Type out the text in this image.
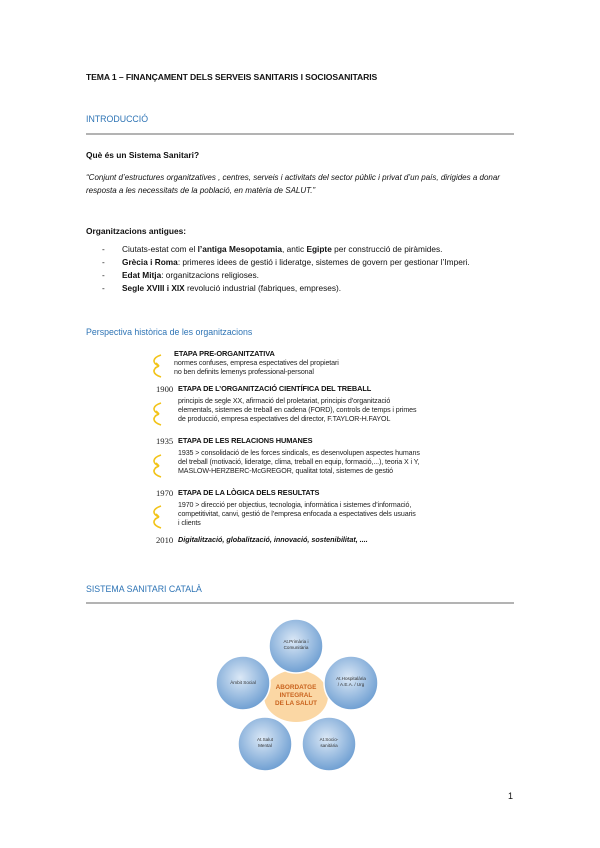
TEMA 1 – FINANÇAMENT DELS SERVEIS SANITARIS I SOCIOSANITARIS
INTRODUCCIÓ
Què és un Sistema Sanitari?
“Conjunt d’estructures organitzatives , centres, serveis i activitats del sector públic i privat d’un país, dirigides a donar resposta a les necessitats de la població, en matèria de SALUT.”
Organitzacions antigues:
- Ciutats-estat com el l’antiga Mesopotamia, antic Egipte per construcció de piràmides.
- Grècia i Roma: primeres idees de gestió i lideratge, sistemes de govern per gestionar l’Imperi.
- Edat Mitja: organitzacions religioses.
- Segle XVIII i XIX revolució industrial (fabriques, empreses).
Perspectiva històrica de les organitzacions
ETAPA PRE-ORGANITZATIVA
normes confuses, empresa espectatives del propietari
no ben definits lemenys professional-personal
1900 ETAPA DE L’ORGANITZACIÓ CIENTÍFICA DEL TREBALL
principis de segle XX, afirmació del proletariat, principis d’organització
elementals, sistemes de treball en cadena (FORD), controls de temps i primes
de producció, empresa espectatives del director, F.TAYLOR-H.FAYOL
1935 ETAPA DE LES RELACIONS HUMANES
1935 > consolidació de les forces sindicals, es desenvolupen aspectes humans
del treball (motivació, lideratge, clima, treball en equip, formació,...), teoria X i Y,
MASLOW-HERZBERC-McGREGOR, qualitat total, sistemes de gestió
1970 ETAPA DE LA LÒGICA DELS RESULTATS
1970 > direcció per objectius, tecnologia, informàtica i sistemes d’informació,
competitivitat, canvi, gestió de l’empresa enfocada a espectatives dels usuaris
i clients
2010 Digitalització, globalització, innovació, sostenibilitat, ....
SISTEMA SANITARI CATALÀ
ABORDATGE
INTEGRAL
DE LA SALUT
At.Primària i
Comunitària
At.Hospitalària
/ A.E.A. / Urg
At.Socio-
sanitària
At.Salut
Mental
Àmbit Social
1
